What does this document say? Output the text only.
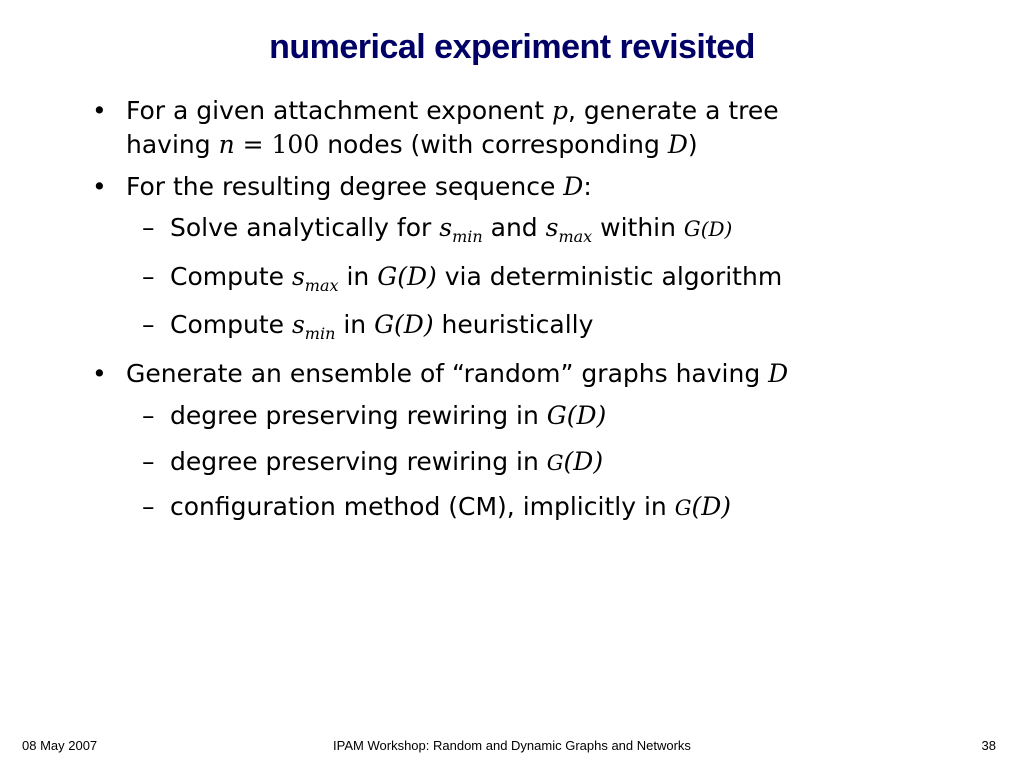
numerical experiment revisited
• For a given attachment exponent p, generate a tree
having n = 100 nodes (with corresponding D)
• For the resulting degree sequence D:
– Solve analytically for $s_{min}$ and $s_{max}$ within G(D)
– Compute $s_{max}$ in G(D) via deterministic algorithm
– Compute $s_{min}$ in G(D) heuristically
• Generate an ensemble of “random” graphs having D
– degree preserving rewiring in G(D)
– degree preserving rewiring in G(D)
– configuration method (CM), implicitly in G(D)
08 May 2007	IPAM Workshop: Random and Dynamic Graphs and Networks	38
